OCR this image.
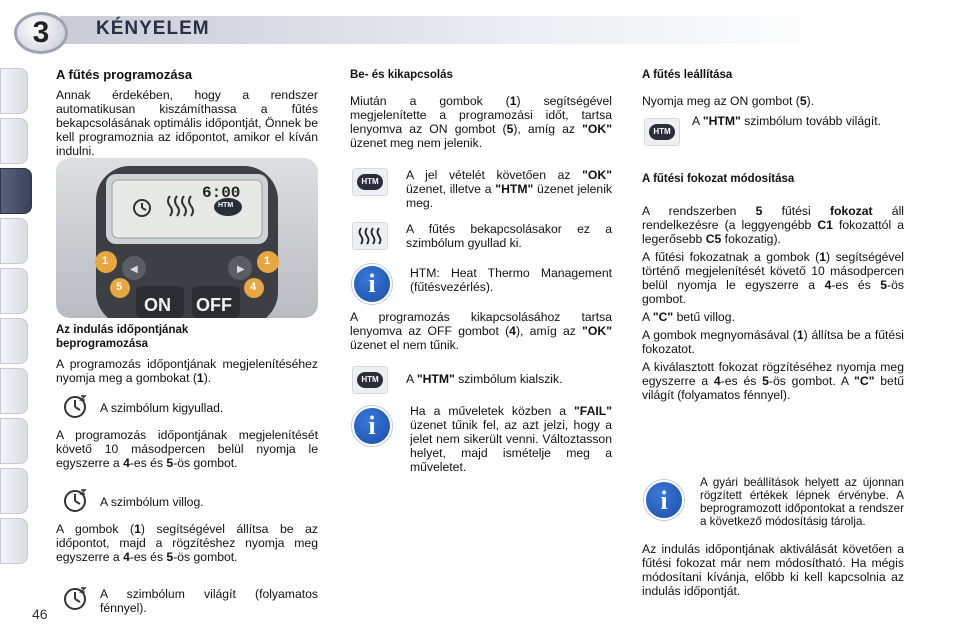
3	KÉNYELEM
46
A fűtés programozása

Annak érdekében, hogy a rendszer automatikusan kiszámíthassa a fűtés bekapcsolásának optimális időpontját, Önnek be kell programoznia az időpontot, amikor el kíván indulni.

◀	▶
6:00
HTM
1	1
5	4
ON OFF
Az indulás időpontjának beprogramozása

A programozás időpontjának megjelenítéséhez nyomja meg a gombokat (1).

A szimbólum kigyullad.

A programozás időpontjának megjelenítését követő 10 másodpercen belül nyomja le egyszerre a 4-es és 5-ös gombot.

A szimbólum villog.

A gombok (1) segítségével állítsa be az időpontot, majd a rögzítéshez nyomja meg egyszerre a 4-es és 5-ös gombot.

A szimbólum világít (folyamatos fénnyel).
Be- és kikapcsolás

Miután a gombok (1) segítségével megjelenítette a programozási időt, tartsa lenyomva az ON gombot (5), amíg az "OK" üzenet meg nem jelenik.

HTM	A jel vételét követően az "OK" üzenet, illetve a "HTM" üzenet jelenik meg.
A fűtés bekapcsolásakor ez a szimbólum gyullad ki.
i	HTM: Heat Thermo Management (fűtésvezérlés).

A programozás kikapcsolásához tartsa lenyomva az OFF gombot (4), amíg az "OK" üzenet el nem tűnik.

HTM	A "HTM" szimbólum kialszik.
i	Ha a műveletek közben a "FAIL" üzenet tűnik fel, az azt jelzi, hogy a jelet nem sikerült venni. Változtasson helyet, majd ismételje meg a műveletet.
A fűtés leállítása

Nyomja meg az ON gombot (5).

HTM
A "HTM" szimbólum tovább világít.
A fűtési fokozat módosítása

A rendszerben 5 fűtési fokozat áll rendelkezésre (a leggyengébb C1 fokozattól a legerősebb C5 fokozatig).

A fűtési fokozatnak a gombok (1) segítségével történő megjelenítését követő 10 másodpercen belül nyomja le egyszerre a 4-es és 5-ös gombot.

A "C" betű villog.

A gombok megnyomásával (1) állítsa be a fűtési fokozatot.

A kiválasztott fokozat rögzítéséhez nyomja meg egyszerre a 4-es és 5-ös gombot. A "C" betű világít (folyamatos fénnyel).

i
A gyári beállítások helyett az újonnan rögzített értékek lépnek érvénybe. A beprogramozott időpontokat a rendszer a következő módosításig tárolja.

Az indulás időpontjának aktiválását követően a fűtési fokozat már nem módosítható. Ha mégis módosítani kívánja, előbb ki kell kapcsolnia az indulás időpontját.
